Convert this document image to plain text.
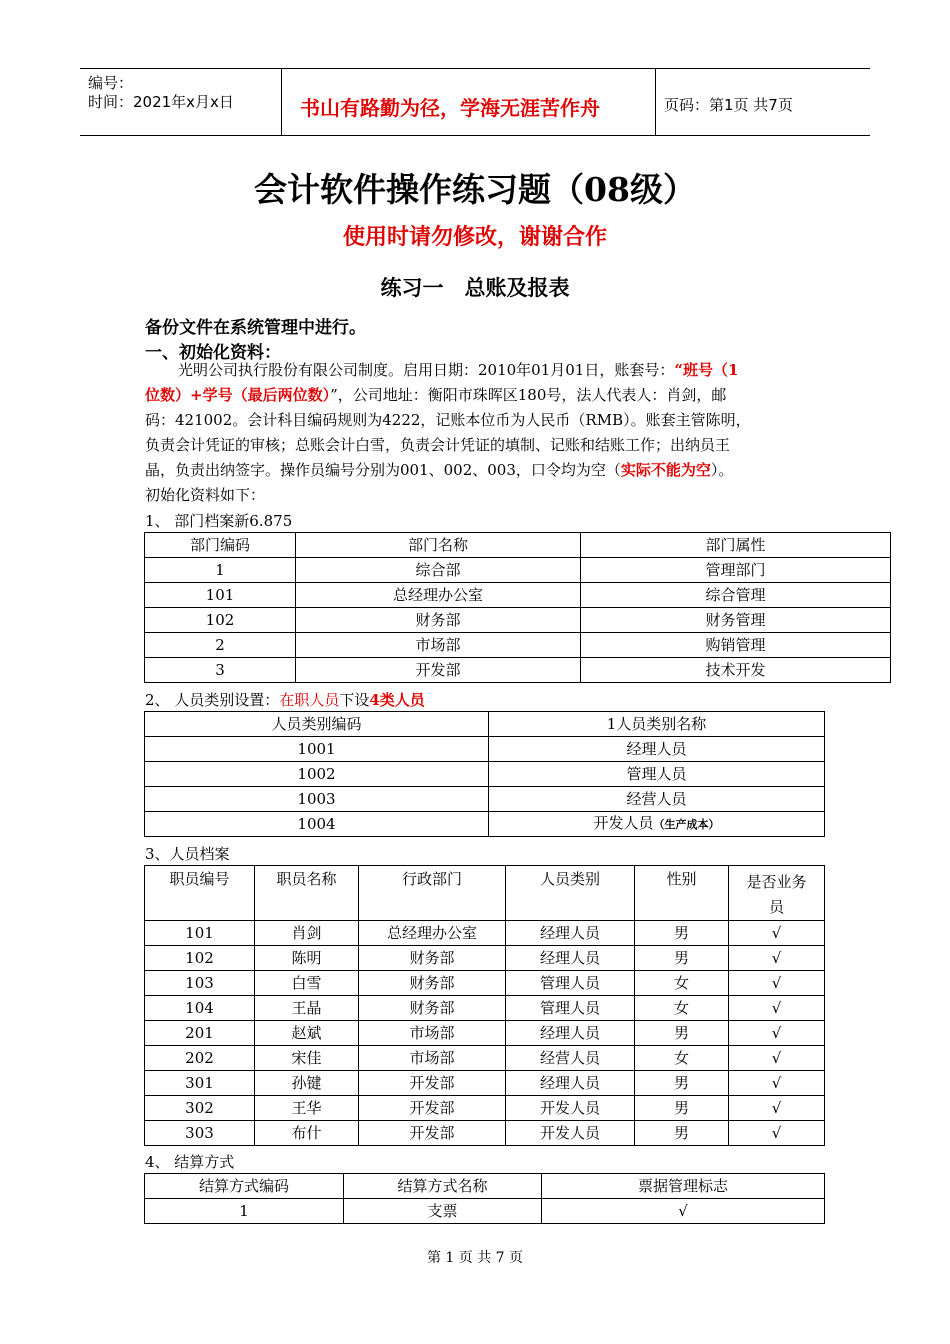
编号：
时间：2021年x月x日	书山有路勤为径，学海无涯苦作舟	页码：第1页 共7页
会计软件操作练习题（08级）
使用时请勿修改，谢谢合作
练习一　总账及报表
备份文件在系统管理中进行。
一、初始化资料：
光明公司执行股份有限公司制度。启用日期：2010年01月01日，账套号：“班号（1
位数）+学号（最后两位数）”，公司地址：衡阳市珠晖区180号，法人代表人：肖剑，邮
码：421002。会计科目编码规则为4222，记账本位币为人民币（RMB）。账套主管陈明，
负责会计凭证的审核；总账会计白雪，负责会计凭证的填制、记账和结账工作；出纳员王
晶，负责出纳签字。操作员编号分别为001、002、003，口令均为空（实际不能为空）。
初始化资料如下：
1、 部门档案新6.875
部门编码	部门名称	部门属性
1	综合部	管理部门
101	总经理办公室	综合管理
102	财务部	财务管理
2	市场部	购销管理
3	开发部	技术开发
2、 人员类别设置：在职人员下设4类人员
人员类别编码	1人员类别名称
1001	经理人员
1002	管理人员
1003	经营人员
1004	开发人员（生产成本）
3、人员档案
职员编号	职员名称	行政部门	人员类别	性别	是否业务
员

101	肖剑	总经理办公室	经理人员	男	√
102	陈明	财务部	经理人员	男	√
103	白雪	财务部	管理人员	女	√
104	王晶	财务部	管理人员	女	√
201	赵斌	市场部	经理人员	男	√
202	宋佳	市场部	经营人员	女	√
301	孙键	开发部	经理人员	男	√
302	王华	开发部	开发人员	男	√
303	布什	开发部	开发人员	男	√
4、 结算方式
结算方式编码	结算方式名称	票据管理标志
1	支票	√
第 1 页 共 7 页
